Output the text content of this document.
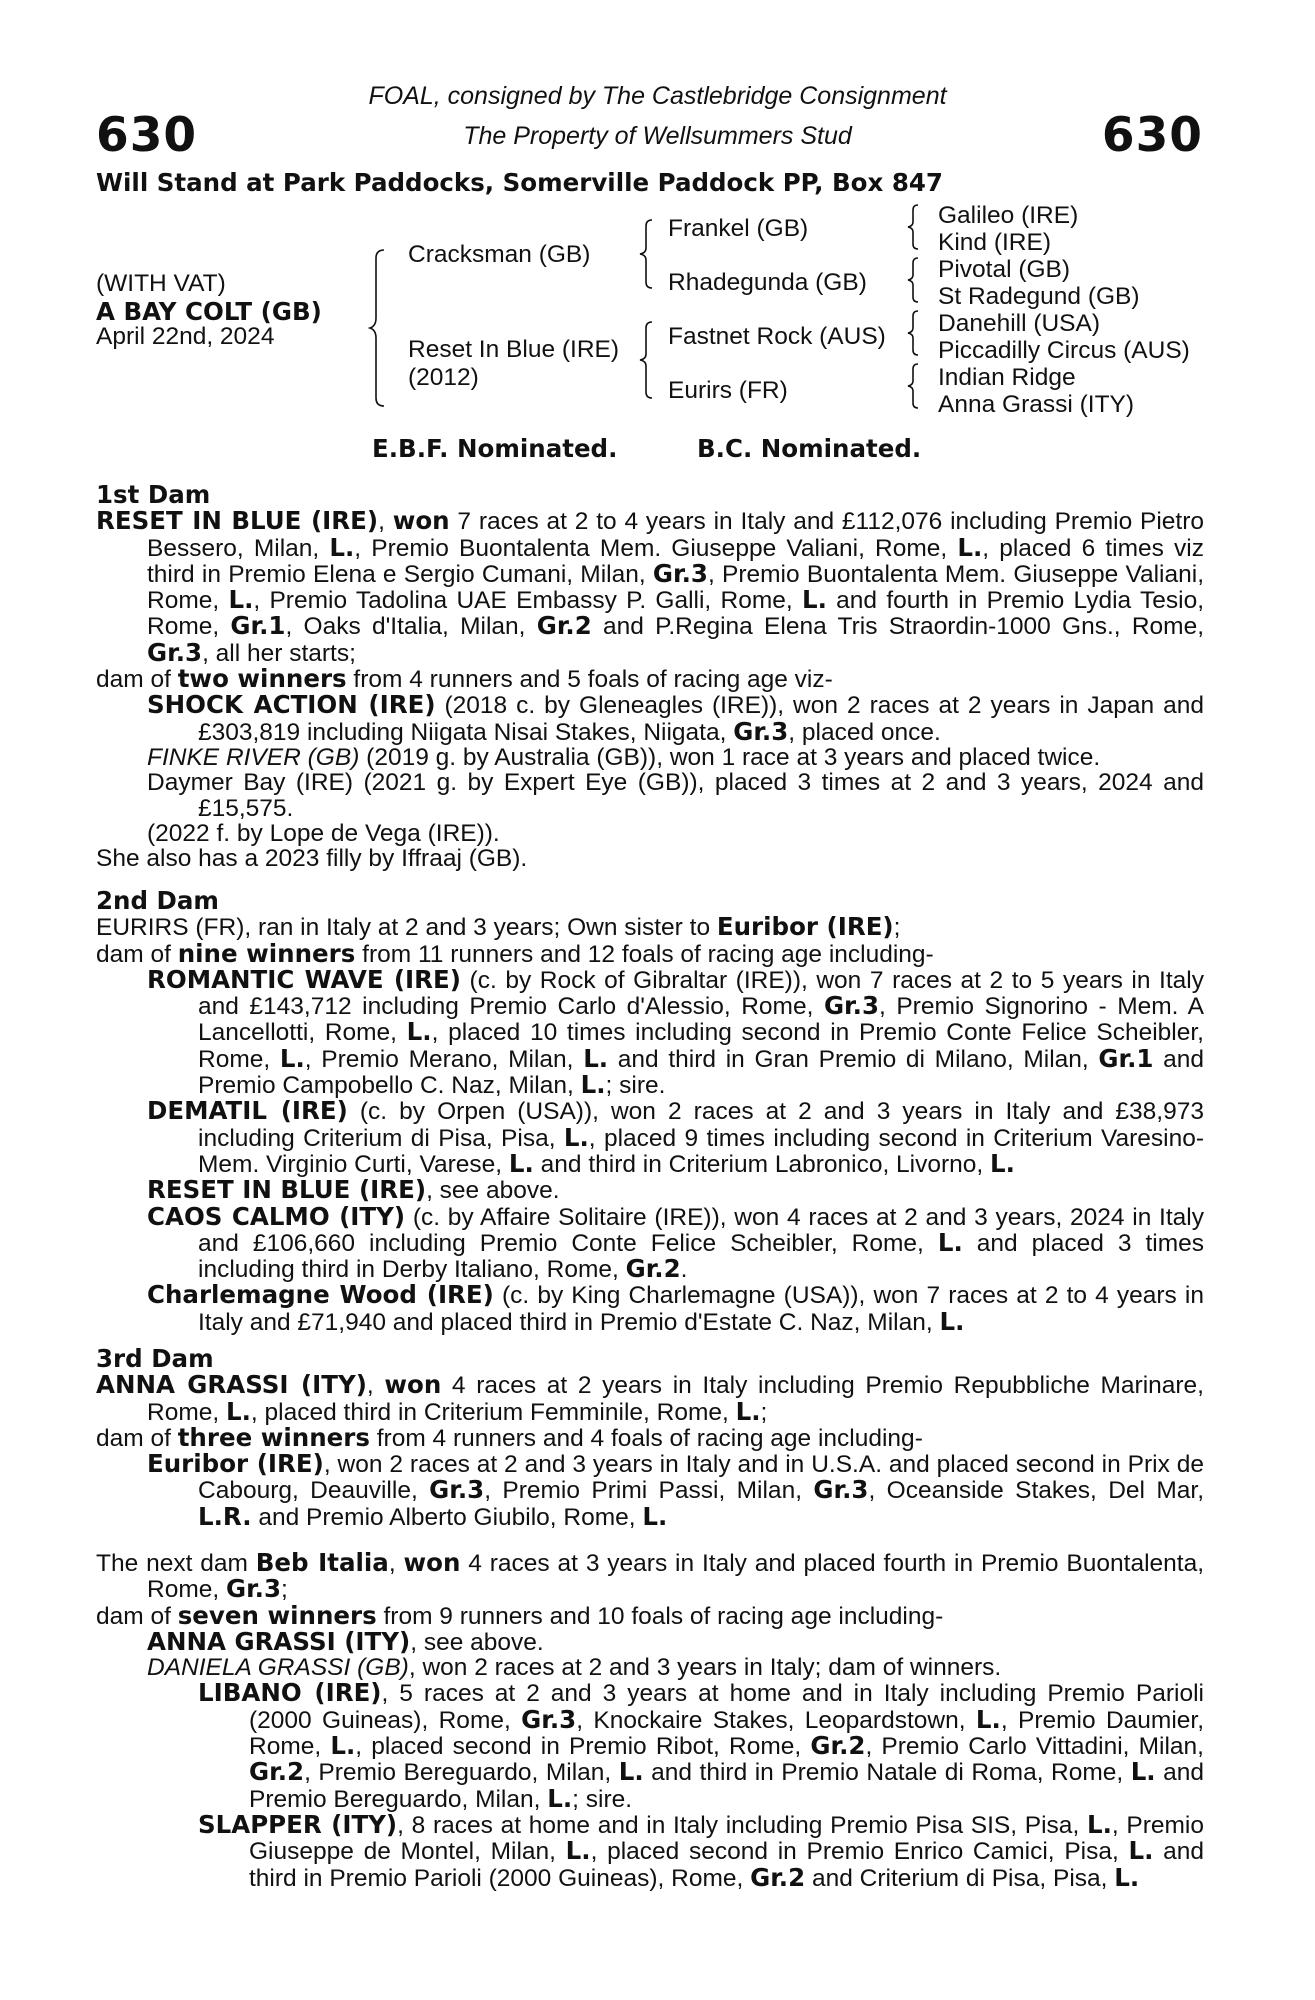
630	630
FOAL, consigned by The Castlebridge Consignment
The Property of Wellsummers Stud
Will Stand at Park Paddocks, Somerville Paddock PP, Box 847
(WITH VAT)
A BAY COLT (GB)
April 22nd, 2024
Cracksman (GB)
Reset In Blue (IRE)
(2012)
Frankel (GB)
Rhadegunda (GB)
Fastnet Rock (AUS)
Eurirs (FR)
Galileo (IRE)
Kind (IRE)
Pivotal (GB)
St Radegund (GB)
Danehill (USA)
Piccadilly Circus (AUS)
Indian Ridge
Anna Grassi (ITY)
E.B.F. Nominated.	B.C. Nominated.

1st Dam

RESET IN BLUE (IRE), won 7 races at 2 to 4 years in Italy and £112,076 including Premio Pietro Bessero, Milan, L., Premio Buontalenta Mem. Giuseppe Valiani, Rome, L., placed 6 times viz third in Premio Elena e Sergio Cumani, Milan, Gr.3, Premio Buontalenta Mem. Giuseppe Valiani, Rome, L., Premio Tadolina UAE Embassy P. Galli, Rome, L. and fourth in Premio Lydia Tesio, Rome, Gr.1, Oaks d'Italia, Milan, Gr.2 and P.Regina Elena Tris Straordin-1000 Gns., Rome, Gr.3, all her starts;

dam of two winners from 4 runners and 5 foals of racing age viz-

SHOCK ACTION (IRE) (2018 c. by Gleneagles (IRE)), won 2 races at 2 years in Japan and £303,819 including Niigata Nisai Stakes, Niigata, Gr.3, placed once.

FINKE RIVER (GB) (2019 g. by Australia (GB)), won 1 race at 3 years and placed twice.

Daymer Bay (IRE) (2021 g. by Expert Eye (GB)), placed 3 times at 2 and 3 years, 2024 and £15,575.

(2022 f. by Lope de Vega (IRE)).

She also has a 2023 filly by Iffraaj (GB).

2nd Dam

EURIRS (FR), ran in Italy at 2 and 3 years; Own sister to Euribor (IRE);

dam of nine winners from 11 runners and 12 foals of racing age including-

ROMANTIC WAVE (IRE) (c. by Rock of Gibraltar (IRE)), won 7 races at 2 to 5 years in Italy and £143,712 including Premio Carlo d'Alessio, Rome, Gr.3, Premio Signorino - Mem. A Lancellotti, Rome, L., placed 10 times including second in Premio Conte Felice Scheibler, Rome, L., Premio Merano, Milan, L. and third in Gran Premio di Milano, Milan, Gr.1 and Premio Campobello C. Naz, Milan, L.; sire.

DEMATIL (IRE) (c. by Orpen (USA)), won 2 races at 2 and 3 years in Italy and £38,973 including Criterium di Pisa, Pisa, L., placed 9 times including second in Criterium Varesino-Mem. Virginio Curti, Varese, L. and third in Criterium Labronico, Livorno, L.

RESET IN BLUE (IRE), see above.

CAOS CALMO (ITY) (c. by Affaire Solitaire (IRE)), won 4 races at 2 and 3 years, 2024 in Italy and £106,660 including Premio Conte Felice Scheibler, Rome, L. and placed 3 times including third in Derby Italiano, Rome, Gr.2.

Charlemagne Wood (IRE) (c. by King Charlemagne (USA)), won 7 races at 2 to 4 years in Italy and £71,940 and placed third in Premio d'Estate C. Naz, Milan, L.

3rd Dam

ANNA GRASSI (ITY), won 4 races at 2 years in Italy including Premio Repubbliche Marinare, Rome, L., placed third in Criterium Femminile, Rome, L.;

dam of three winners from 4 runners and 4 foals of racing age including-

Euribor (IRE), won 2 races at 2 and 3 years in Italy and in U.S.A. and placed second in Prix de Cabourg, Deauville, Gr.3, Premio Primi Passi, Milan, Gr.3, Oceanside Stakes, Del Mar, L.R. and Premio Alberto Giubilo, Rome, L.

The next dam Beb Italia, won 4 races at 3 years in Italy and placed fourth in Premio Buontalenta, Rome, Gr.3;

dam of seven winners from 9 runners and 10 foals of racing age including-

ANNA GRASSI (ITY), see above.

DANIELA GRASSI (GB), won 2 races at 2 and 3 years in Italy; dam of winners.

LIBANO (IRE), 5 races at 2 and 3 years at home and in Italy including Premio Parioli (2000 Guineas), Rome, Gr.3, Knockaire Stakes, Leopardstown, L., Premio Daumier, Rome, L., placed second in Premio Ribot, Rome, Gr.2, Premio Carlo Vittadini, Milan, Gr.2, Premio Bereguardo, Milan, L. and third in Premio Natale di Roma, Rome, L. and Premio Bereguardo, Milan, L.; sire.

SLAPPER (ITY), 8 races at home and in Italy including Premio Pisa SIS, Pisa, L., Premio Giuseppe de Montel, Milan, L., placed second in Premio Enrico Camici, Pisa, L. and third in Premio Parioli (2000 Guineas), Rome, Gr.2 and Criterium di Pisa, Pisa, L.
